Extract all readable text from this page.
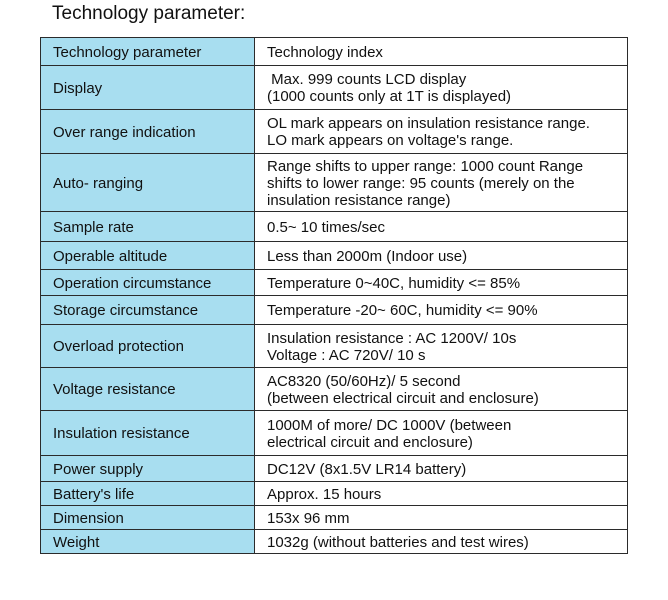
Technology parameter:
Technology parameter	Technology index
Display	Max. 999 counts LCD display
(1000 counts only at 1T is displayed)

Over range indication	OL mark appears on insulation resistance range.
LO mark appears on voltage's range.

Auto- ranging	Range shifts to upper range: 1000 count Range
shifts to lower range: 95 counts (merely on the
insulation resistance range)

Sample rate	0.5~ 10 times/sec

Operable altitude	Less than 2000m (Indoor use)

Operation circumstance	Temperature 0~40C, humidity <= 85%

Storage circumstance	Temperature -20~ 60C, humidity <= 90%

Overload protection	Insulation resistance : AC 1200V/ 10s
Voltage : AC 720V/ 10 s

Voltage resistance	AC8320 (50/60Hz)/ 5 second
(between electrical circuit and enclosure)

Insulation resistance	1000M of more/ DC 1000V (between
electrical circuit and enclosure)

Power supply	DC12V (8x1.5V LR14 battery)

Battery's life	Approx. 15 hours

Dimension	153x 96 mm

Weight	1032g (without batteries and test wires)
